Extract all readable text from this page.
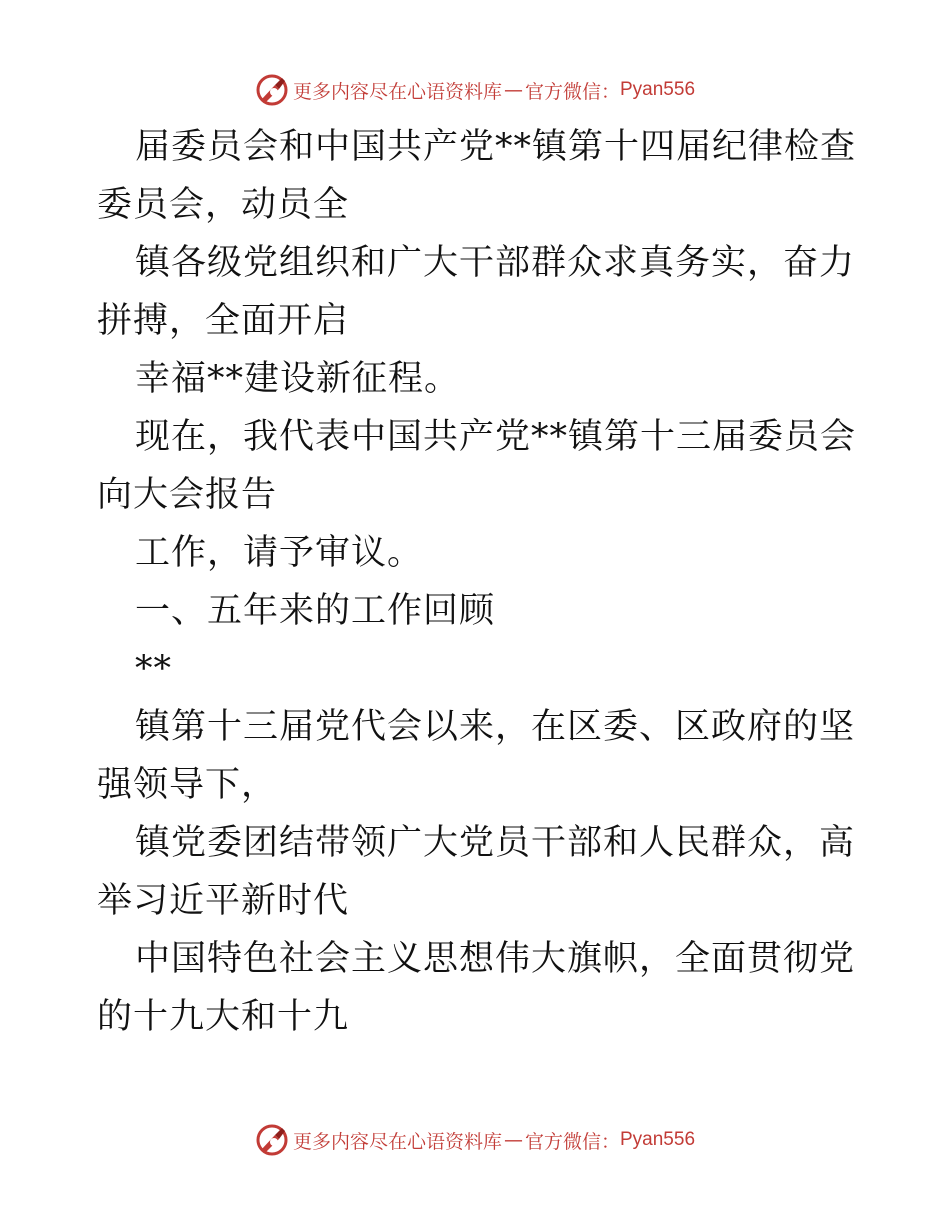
更多内容尽在心语资料库 — 官方微信： Pyan556

届委员会和中国共产党**镇第十四届纪律检查委员会，动员全

镇各级党组织和广大干部群众求真务实，奋力拼搏，全面开启

幸福**建设新征程。

现在，我代表中国共产党**镇第十三届委员会向大会报告

工作，请予审议。

一、五年来的工作回顾

**

镇第十三届党代会以来，在区委、区政府的坚强领导下，

镇党委团结带领广大党员干部和人民群众，高举习近平新时代

中国特色社会主义思想伟大旗帜，全面贯彻党的十九大和十九

更多内容尽在心语资料库 — 官方微信： Pyan556
